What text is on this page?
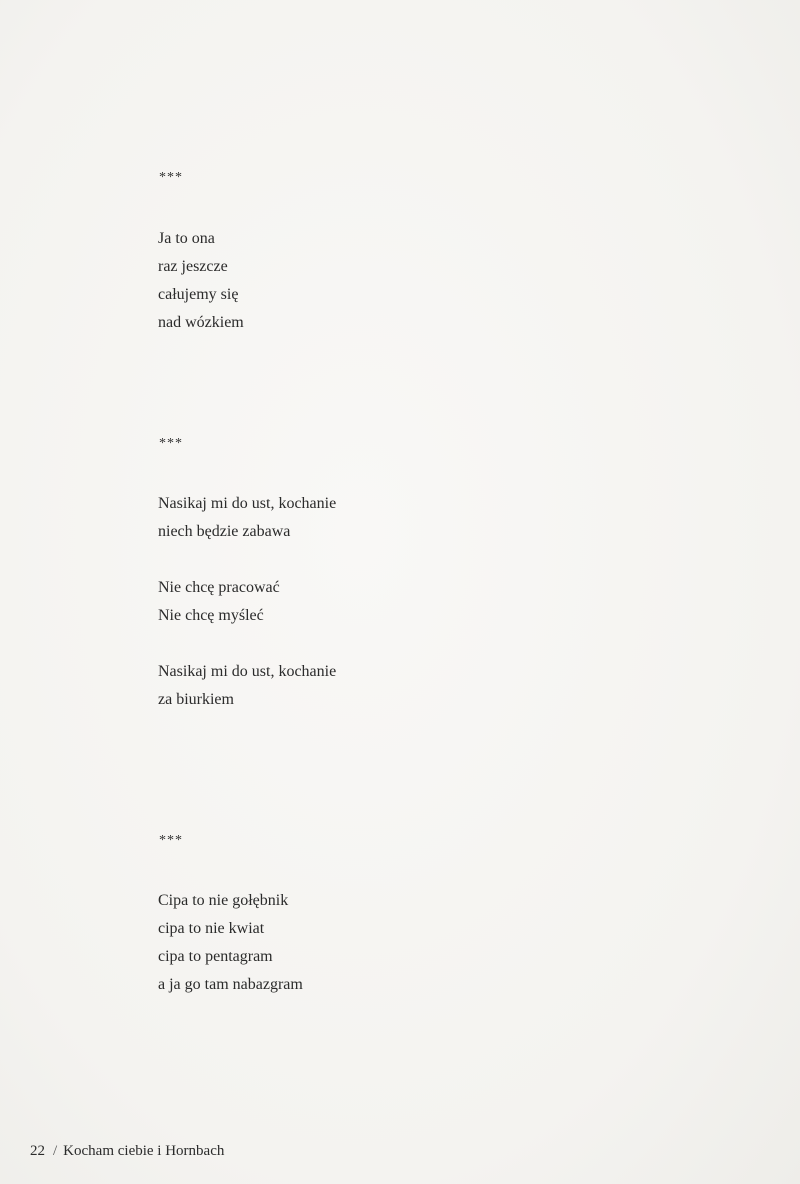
***
Ja to ona
raz jeszcze
całujemy się
nad wózkiem
***
Nasikaj mi do ust, kochanie
niech będzie zabawa
Nie chcę pracować
Nie chcę myśleć
Nasikaj mi do ust, kochanie
za biurkiem
***
Cipa to nie gołębnik
cipa to nie kwiat
cipa to pentagram
a ja go tam nabazgram
22 / Kocham ciebie i Hornbach
